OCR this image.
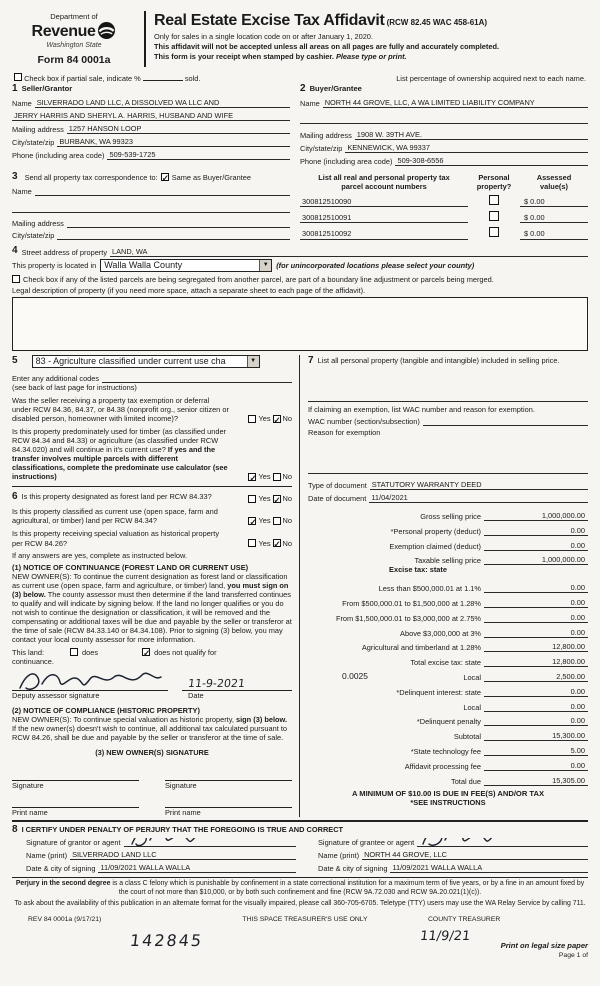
Department of
Revenue
Washington State
Form 84 0001a
Real Estate Excise Tax Affidavit (RCW 82.45 WAC 458-61A)
Only for sales in a single location code on or after January 1, 2020.
This affidavit will not be accepted unless all areas on all pages are fully and accurately completed.
This form is your receipt when stamped by cashier. Please type or print.
Check box if partial sale, indicate %	sold.	List percentage of ownership acquired next to each name.
1 Seller/Grantor
Name SILVERRADO LAND LLC, A DISSOLVED WA LLC AND
JERRY HARRIS AND SHERYL A. HARRIS, HUSBAND AND WIFE
Mailing address 1257 HANSON LOOP
City/state/zip BURBANK, WA 99323
Phone (including area code) 509-539-1725
2 Buyer/Grantee
Name NORTH 44 GROVE, LLC, A WA LIMITED LIABILITY COMPANY
Mailing address 1908 W. 39TH AVE.
City/state/zip KENNEWICK, WA 99337
Phone (including area code) 509-308-6556
3 Send all property tax correspondence to: ✓ Same as Buyer/Grantee
Name
Mailing address
City/state/zip
List all real and personal property tax
parcel account numbers
Personal
property?
Assessed
value(s)
300812510090	$ 0.00
300812510091	$ 0.00
300812510092	$ 0.00
4 Street address of property LAND, WA
This property is located in Walla Walla County	▼	(for unincorporated locations please select your county)
Check box if any of the listed parcels are being segregated from another parcel, are part of a boundary line adjustment or parcels being merged.
Legal description of property (if you need more space, attach a separate sheet to each page of the affidavit).
5	83 - Agriculture classified under current use cha	▼
Enter any additional codes
(see back of last page for instructions)
Was the seller receiving a property tax exemption or deferral under RCW 84.36, 84.37, or 84.38 (nonprofit org., senior citizen or disabled person, homeowner with limited income)?	Yes ✓ No
Is this property predominately used for timber (as classified under RCW 84.34 and 84.33) or agriculture (as classified under RCW 84.34.020) and will continue in it's current use? If yes and the transfer involves multiple parcels with different classifications, complete the predominate use calculator (see instructions)	✓ Yes No
6 Is this property designated as forest land per RCW 84.33?	Yes ✓ No
Is this property classified as current use (open space, farm and agricultural, or timber) land per RCW 84.34?	✓ Yes No
Is this property receiving special valuation as historical property per RCW 84.26?	Yes ✓ No
If any answers are yes, complete as instructed below.
(1) NOTICE OF CONTINUANCE (FOREST LAND OR CURRENT USE)
NEW OWNER(S): To continue the current designation as forest land or classification as current use (open space, farm and agriculture, or timber) land, you must sign on (3) below. The county assessor must then determine if the land transferred continues to qualify and will indicate by signing below. If the land no longer qualifies or you do not wish to continue the designation or classification, it will be removed and the compensating or additional taxes will be due and payable by the seller or transferor at the time of sale (RCW 84.33.140 or 84.34.108). Prior to signing (3) below, you may contact your local county assessor for more information.
This land:	does	✓ does not qualify for
continuance.
11-9-2021
Deputy assessor signature	Date
(2) NOTICE OF COMPLIANCE (HISTORIC PROPERTY)
NEW OWNER(S): To continue special valuation as historic property, sign (3) below. If the new owner(s) doesn't wish to continue, all additional tax calculated pursuant to RCW 84.26, shall be due and payable by the seller or transferor at the time of sale.
(3) NEW OWNER(S) SIGNATURE
Signature	Signature
Print name	Print name
7 List all personal property (tangible and intangible) included in selling price.
If claiming an exemption, list WAC number and reason for exemption.
WAC number (section/subsection)
Reason for exemption
Type of document STATUTORY WARRANTY DEED
Date of document 11/04/2021
Gross selling price	1,000,000.00
*Personal property (deduct)	0.00
Exemption claimed (deduct)	0.00
Taxable selling price	1,000,000.00
Excise tax: state
Less than $500,000.01 at 1.1%	0.00
From $500,000.01 to $1,500,000 at 1.28%	0.00
From $1,500,000.01 to $3,000,000 at 2.75%	0.00
Above $3,000,000 at 3%	0.00
Agricultural and timberland at 1.28%	12,800.00
Total excise tax: state	12,800.00
0.0025	Local	2,500.00
*Delinquent interest: state	0.00
Local	0.00
*Delinquent penalty	0.00
Subtotal	15,300.00
*State technology fee	5.00
Affidavit processing fee	0.00
Total due	15,305.00
A MINIMUM OF $10.00 IS DUE IN FEE(S) AND/OR TAX
*SEE INSTRUCTIONS
8 I CERTIFY UNDER PENALTY OF PERJURY THAT THE FOREGOING IS TRUE AND CORRECT
Signature of grantor or agent
Name (print) SILVERRADO LAND LLC
Date & city of signing 11/09/2021 WALLA WALLA
Signature of grantee or agent
Name (print) NORTH 44 GROVE, LLC
Date & city of signing 11/09/2021 WALLA WALLA
Perjury in the second degree is a class C felony which is punishable by confinement in a state correctional institution for a maximum term of five years, or by a fine in an amount fixed by the court of not more than $10,000, or by both such confinement and fine (RCW 9A.72.030 and RCW 9A.20.021(1)(c)).
To ask about the availability of this publication in an alternate format for the visually impaired, please call 360-705-6705. Teletype (TTY) users may use the WA Relay Service by calling 711.
REV 84 0001a (9/17/21)	THIS SPACE TREASURER'S USE ONLY	COUNTY TREASURER
142845	11/9/21
Print on legal size paper
Page 1 of
